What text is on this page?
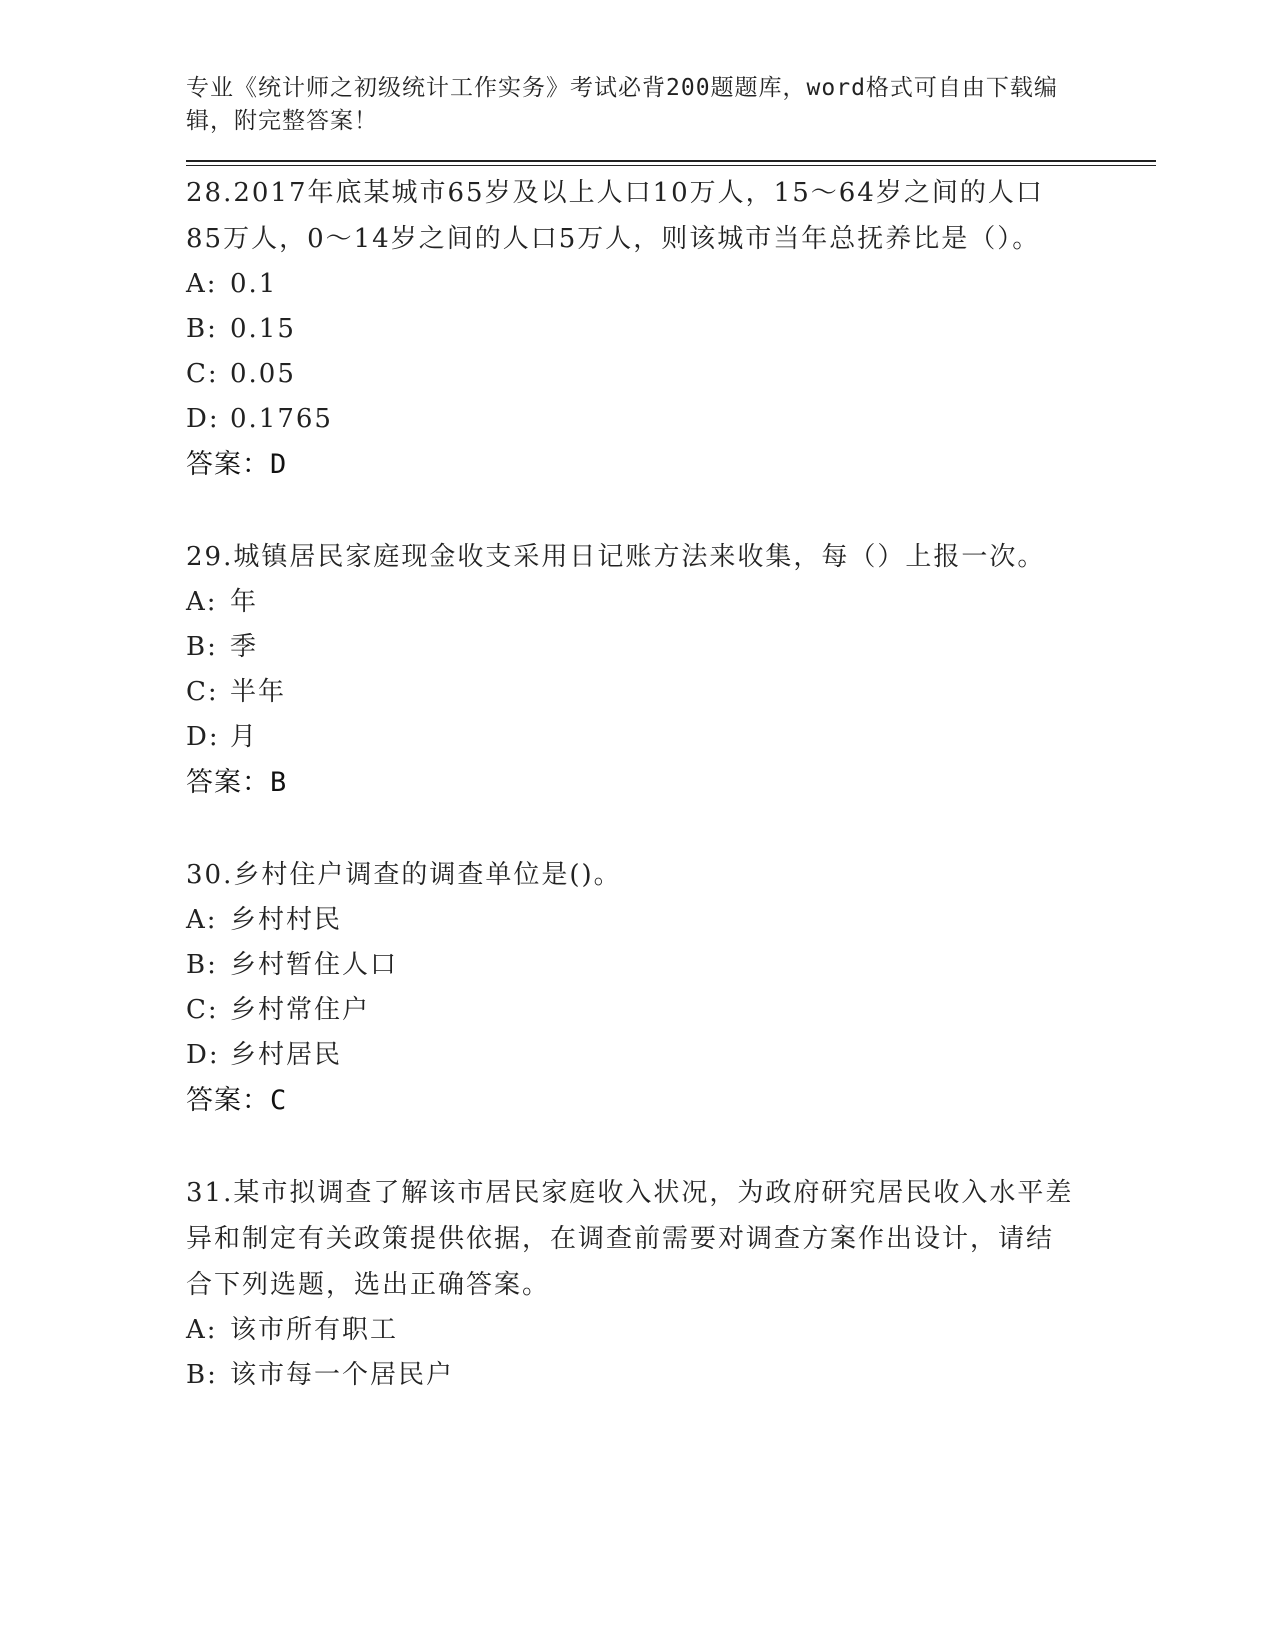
专业《统计师之初级统计工作实务》考试必背200题题库，word格式可自由下载编辑，附完整答案！

28.2017年底某城市65岁及以上人口10万人，15～64岁之间的人口85万人，0～14岁之间的人口5万人，则该城市当年总抚养比是（）。

A: 0.1
B: 0.15
C: 0.05
D: 0.1765
答案：D

29.城镇居民家庭现金收支采用日记账方法来收集，每（）上报一次。

A: 年
B: 季
C: 半年
D: 月
答案：B

30.乡村住户调查的调查单位是()。

A: 乡村村民
B: 乡村暂住人口
C: 乡村常住户
D: 乡村居民
答案：C

31.某市拟调查了解该市居民家庭收入状况，为政府研究居民收入水平差异和制定有关政策提供依据，在调查前需要对调查方案作出设计，请结合下列选题，选出正确答案。

A: 该市所有职工
B: 该市每一个居民户
